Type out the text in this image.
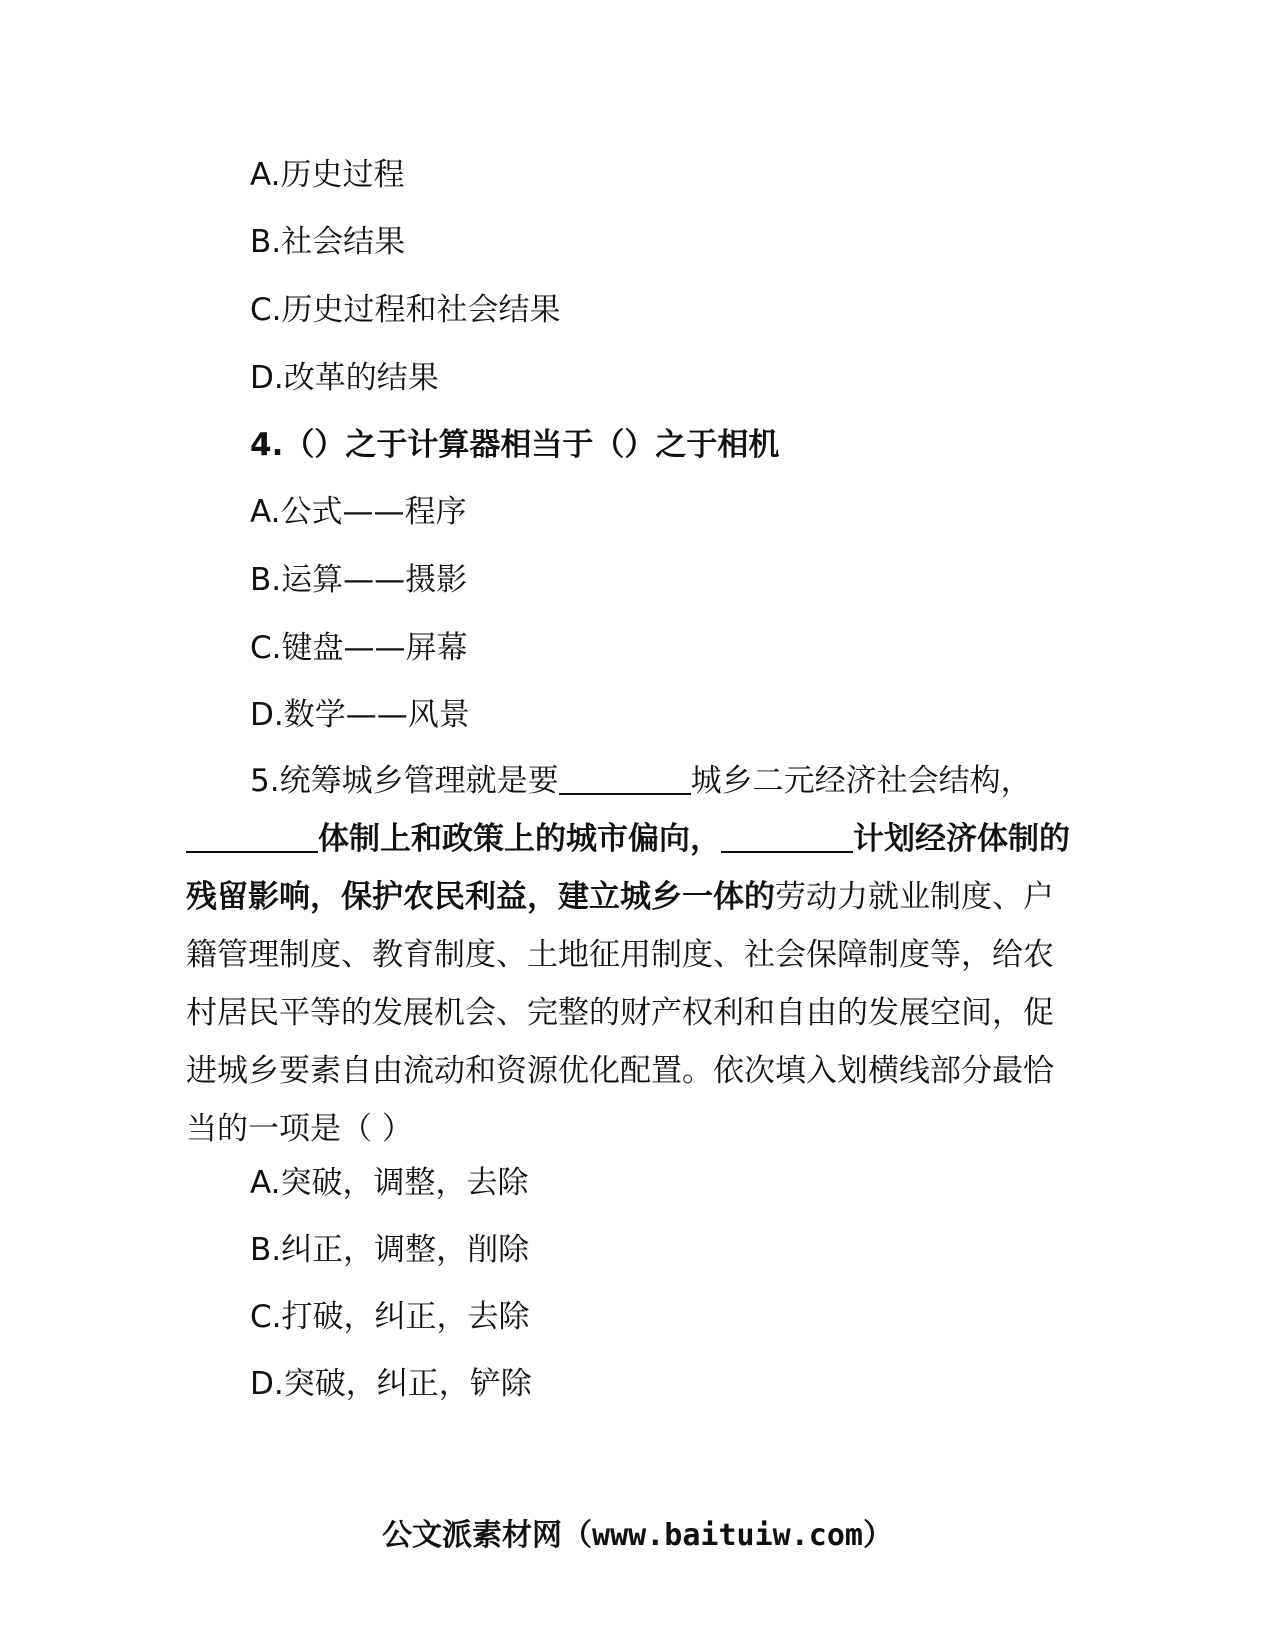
A.历史过程
B.社会结果
C.历史过程和社会结果
D.改革的结果
4.（）之于计算器相当于（）之于相机
A.公式——程序
B.运算——摄影
C.键盘——屏幕
D.数学——风景
5.统筹城乡管理就是要	城乡二元经济社会结构，体制上和政策上的城市偏向，	计划经济体制的残留影响，保护农民利益，建立城乡一体的劳动力就业制度、户籍管理制度、教育制度、土地征用制度、社会保障制度等，给农村居民平等的发展机会、完整的财产权利和自由的发展空间，促进城乡要素自由流动和资源优化配置。依次填入划横线部分最恰当的一项是（ ）
A.突破，调整，去除
B.纠正，调整，削除
C.打破，纠正，去除
D.突破，纠正，铲除
公文派素材网（www.baituiw.com）
